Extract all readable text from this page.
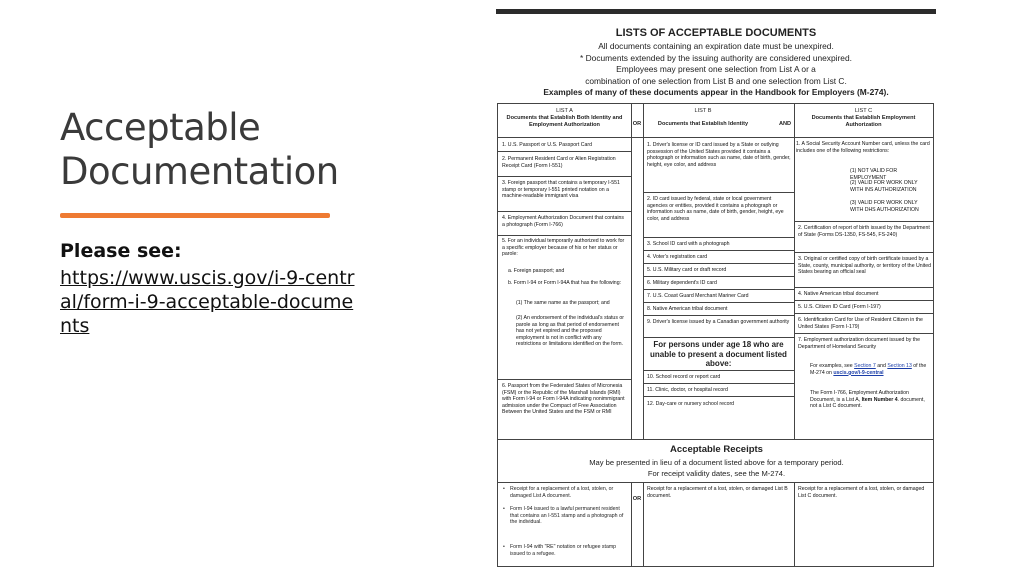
Acceptable
Documentation
Please see:
https://www.uscis.gov/i-9-central/form-i-9-acceptable-documents
LISTS OF ACCEPTABLE DOCUMENTS
All documents containing an expiration date must be unexpired.
* Documents extended by the issuing authority are considered unexpired.
Employees may present one selection from List A or a
combination of one selection from List B and one selection from List C.
Examples of many of these documents appear in the Handbook for Employers (M-274).
LIST A
Documents that Establish Both Identity and Employment Authorization	OR
LIST B
Documents that Establish Identity	AND
LIST C
Documents that Establish Employment Authorization
1. U.S. Passport or U.S. Passport Card
2. Permanent Resident Card or Alien Registration Receipt Card (Form I-551)
3. Foreign passport that contains a temporary I-551 stamp or temporary I-551 printed notation on a machine-readable immigrant visa
4. Employment Authorization Document that contains a photograph (Form I-766)
5. For an individual temporarily authorized to work for a specific employer because of his or her status or parole:
a. Foreign passport; and
b. Form I-94 or Form I-94A that has the following:
(1) The same name as the passport; and
(2) An endorsement of the individual's status or parole as long as that period of endorsement has not yet expired and the proposed employment is not in conflict with any restrictions or limitations identified on the form.
6. Passport from the Federated States of Micronesia (FSM) or the Republic of the Marshall Islands (RMI) with Form I-94 or Form I-94A indicating nonimmigrant admission under the Compact of Free Association Between the United States and the FSM or RMI
1. Driver's license or ID card issued by a State or outlying possession of the United States provided it contains a photograph or information such as name, date of birth, gender, height, eye color, and address
2. ID card issued by federal, state or local government agencies or entities, provided it contains a photograph or information such as name, date of birth, gender, height, eye color, and address
3. School ID card with a photograph
4. Voter's registration card
5. U.S. Military card or draft record
6. Military dependent's ID card
7. U.S. Coast Guard Merchant Mariner Card
8. Native American tribal document
9. Driver's license issued by a Canadian government authority
For persons under age 18 who are unable to present a document listed above:
10. School record or report card
11. Clinic, doctor, or hospital record
12. Day-care or nursery school record
1. A Social Security Account Number card, unless the card includes one of the following restrictions:
(1) NOT VALID FOR EMPLOYMENT
(2) VALID FOR WORK ONLY WITH INS AUTHORIZATION
(3) VALID FOR WORK ONLY WITH DHS AUTHORIZATION
2. Certification of report of birth issued by the Department of State (Forms DS-1350, FS-545, FS-240)
3. Original or certified copy of birth certificate issued by a State, county, municipal authority, or territory of the United States bearing an official seal
4. Native American tribal document
5. U.S. Citizen ID Card (Form I-197)
6. Identification Card for Use of Resident Citizen in the United States (Form I-179)
7. Employment authorization document issued by the Department of Homeland Security
For examples, see Section 7 and Section 13 of the M-274 on uscis.gov/i-9-central
The Form I-766, Employment Authorization Document, is a List A, Item Number 4. document, not a List C document.
Acceptable Receipts
May be presented in lieu of a document listed above for a temporary period.
For receipt validity dates, see the M-274.
• Receipt for a replacement of a lost, stolen, or damaged List A document.
• Form I-94 issued to a lawful permanent resident that contains an I-551 stamp and a photograph of the individual.
• Form I-94 with "RE" notation or refugee stamp issued to a refugee.
OR
Receipt for a replacement of a lost, stolen, or damaged List B document.
Receipt for a replacement of a lost, stolen, or damaged List C document.
